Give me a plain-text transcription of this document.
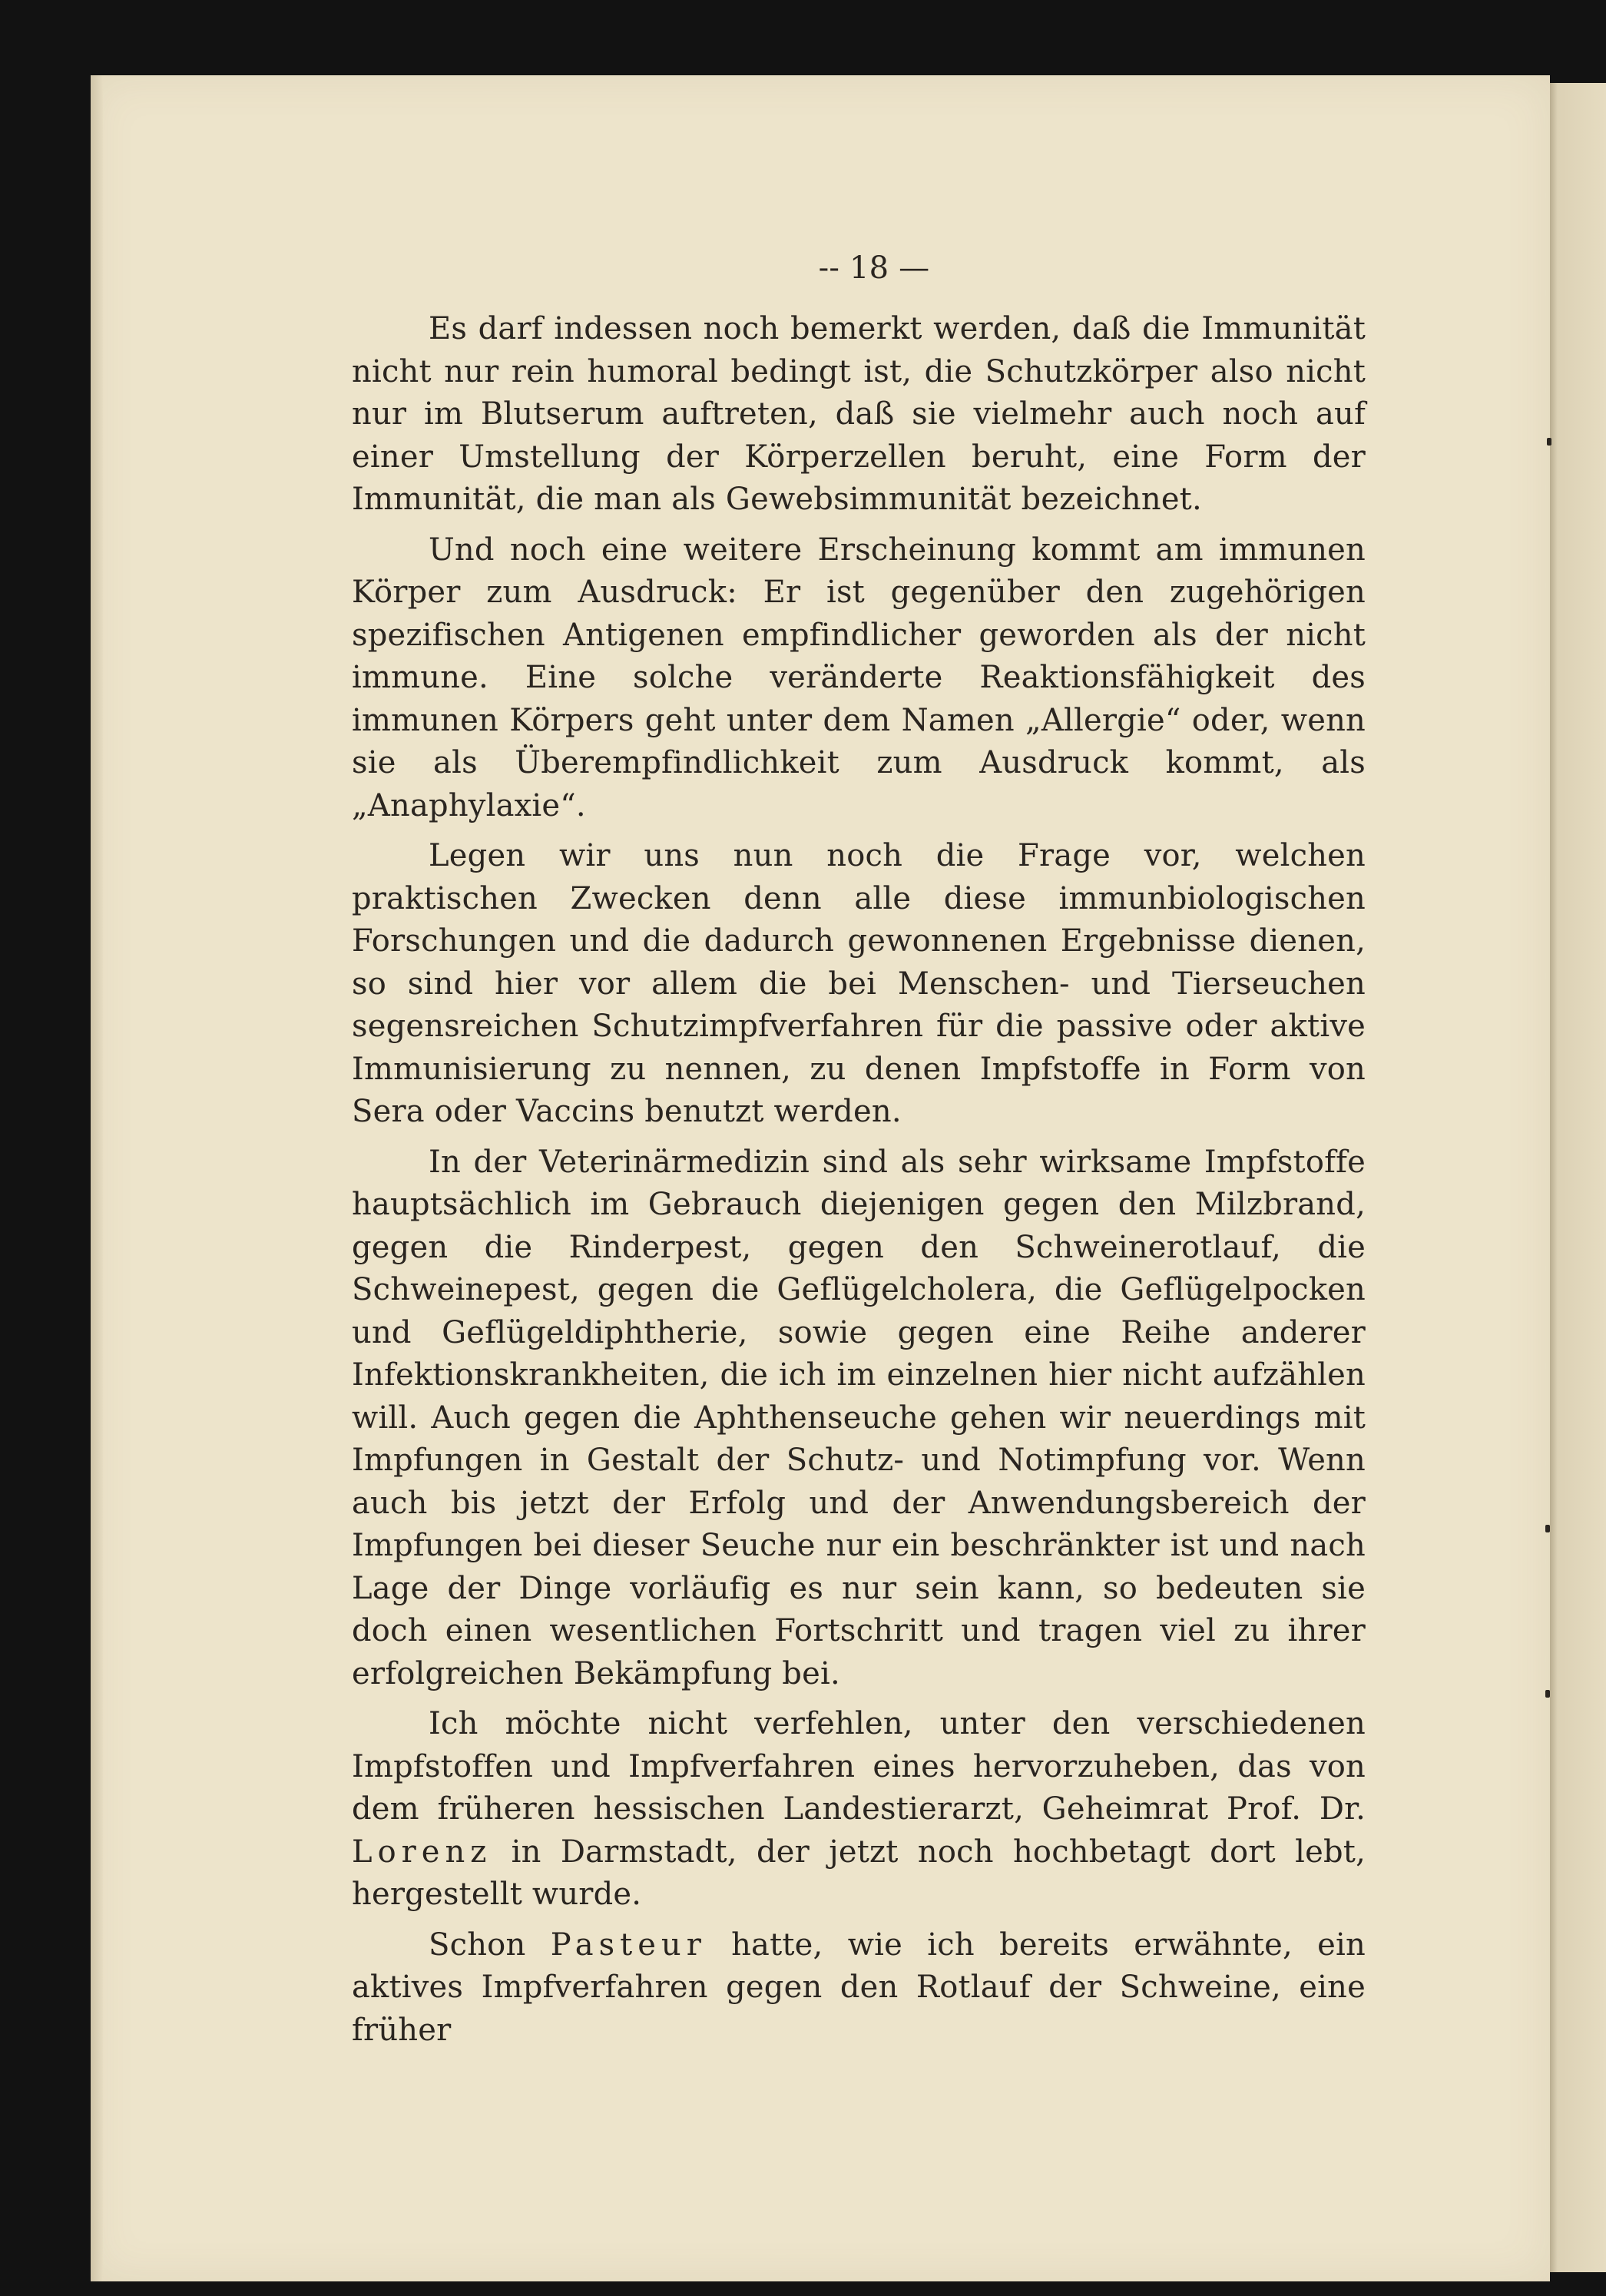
-- 18 —

Es darf indessen noch bemerkt werden, daß die Immunität nicht nur rein humoral bedingt ist, die Schutzkörper also nicht nur im Blutserum auftreten, daß sie vielmehr auch noch auf einer Umstellung der Körperzellen beruht, eine Form der Immunität, die man als Gewebsimmunität bezeichnet.

Und noch eine weitere Erscheinung kommt am immunen Körper zum Ausdruck: Er ist gegenüber den zugehörigen spezifischen Antigenen empfindlicher geworden als der nicht immune. Eine solche veränderte Reaktionsfähigkeit des immunen Körpers geht unter dem Namen „Allergie“ oder, wenn sie als Überempfindlichkeit zum Ausdruck kommt, als „Anaphylaxie“.

Legen wir uns nun noch die Frage vor, welchen praktischen Zwecken denn alle diese immunbiologischen Forschungen und die dadurch gewonnenen Ergebnisse dienen, so sind hier vor allem die bei Menschen- und Tierseuchen segensreichen Schutzimpfverfahren für die passive oder aktive Immunisierung zu nennen, zu denen Impfstoffe in Form von Sera oder Vaccins benutzt werden.

In der Veterinärmedizin sind als sehr wirksame Impfstoffe hauptsächlich im Gebrauch diejenigen gegen den Milzbrand, gegen die Rinderpest, gegen den Schweinerotlauf, die Schweinepest, gegen die Geflügelcholera, die Geflügelpocken und Geflügeldiphtherie, sowie gegen eine Reihe anderer Infektionskrankheiten, die ich im einzelnen hier nicht aufzählen will. Auch gegen die Aphthenseuche gehen wir neuerdings mit Impfungen in Gestalt der Schutz- und Notimpfung vor. Wenn auch bis jetzt der Erfolg und der Anwendungsbereich der Impfungen bei dieser Seuche nur ein beschränkter ist und nach Lage der Dinge vorläufig es nur sein kann, so bedeuten sie doch einen wesentlichen Fortschritt und tragen viel zu ihrer erfolgreichen Bekämpfung bei.

Ich möchte nicht verfehlen, unter den verschiedenen Impfstoffen und Impfverfahren eines hervorzuheben, das von dem früheren hessischen Landestierarzt, Geheimrat Prof. Dr. Lorenz in Darmstadt, der jetzt noch hochbetagt dort lebt, hergestellt wurde.

Schon Pasteur hatte, wie ich bereits erwähnte, ein aktives Impfverfahren gegen den Rotlauf der Schweine, eine früher
